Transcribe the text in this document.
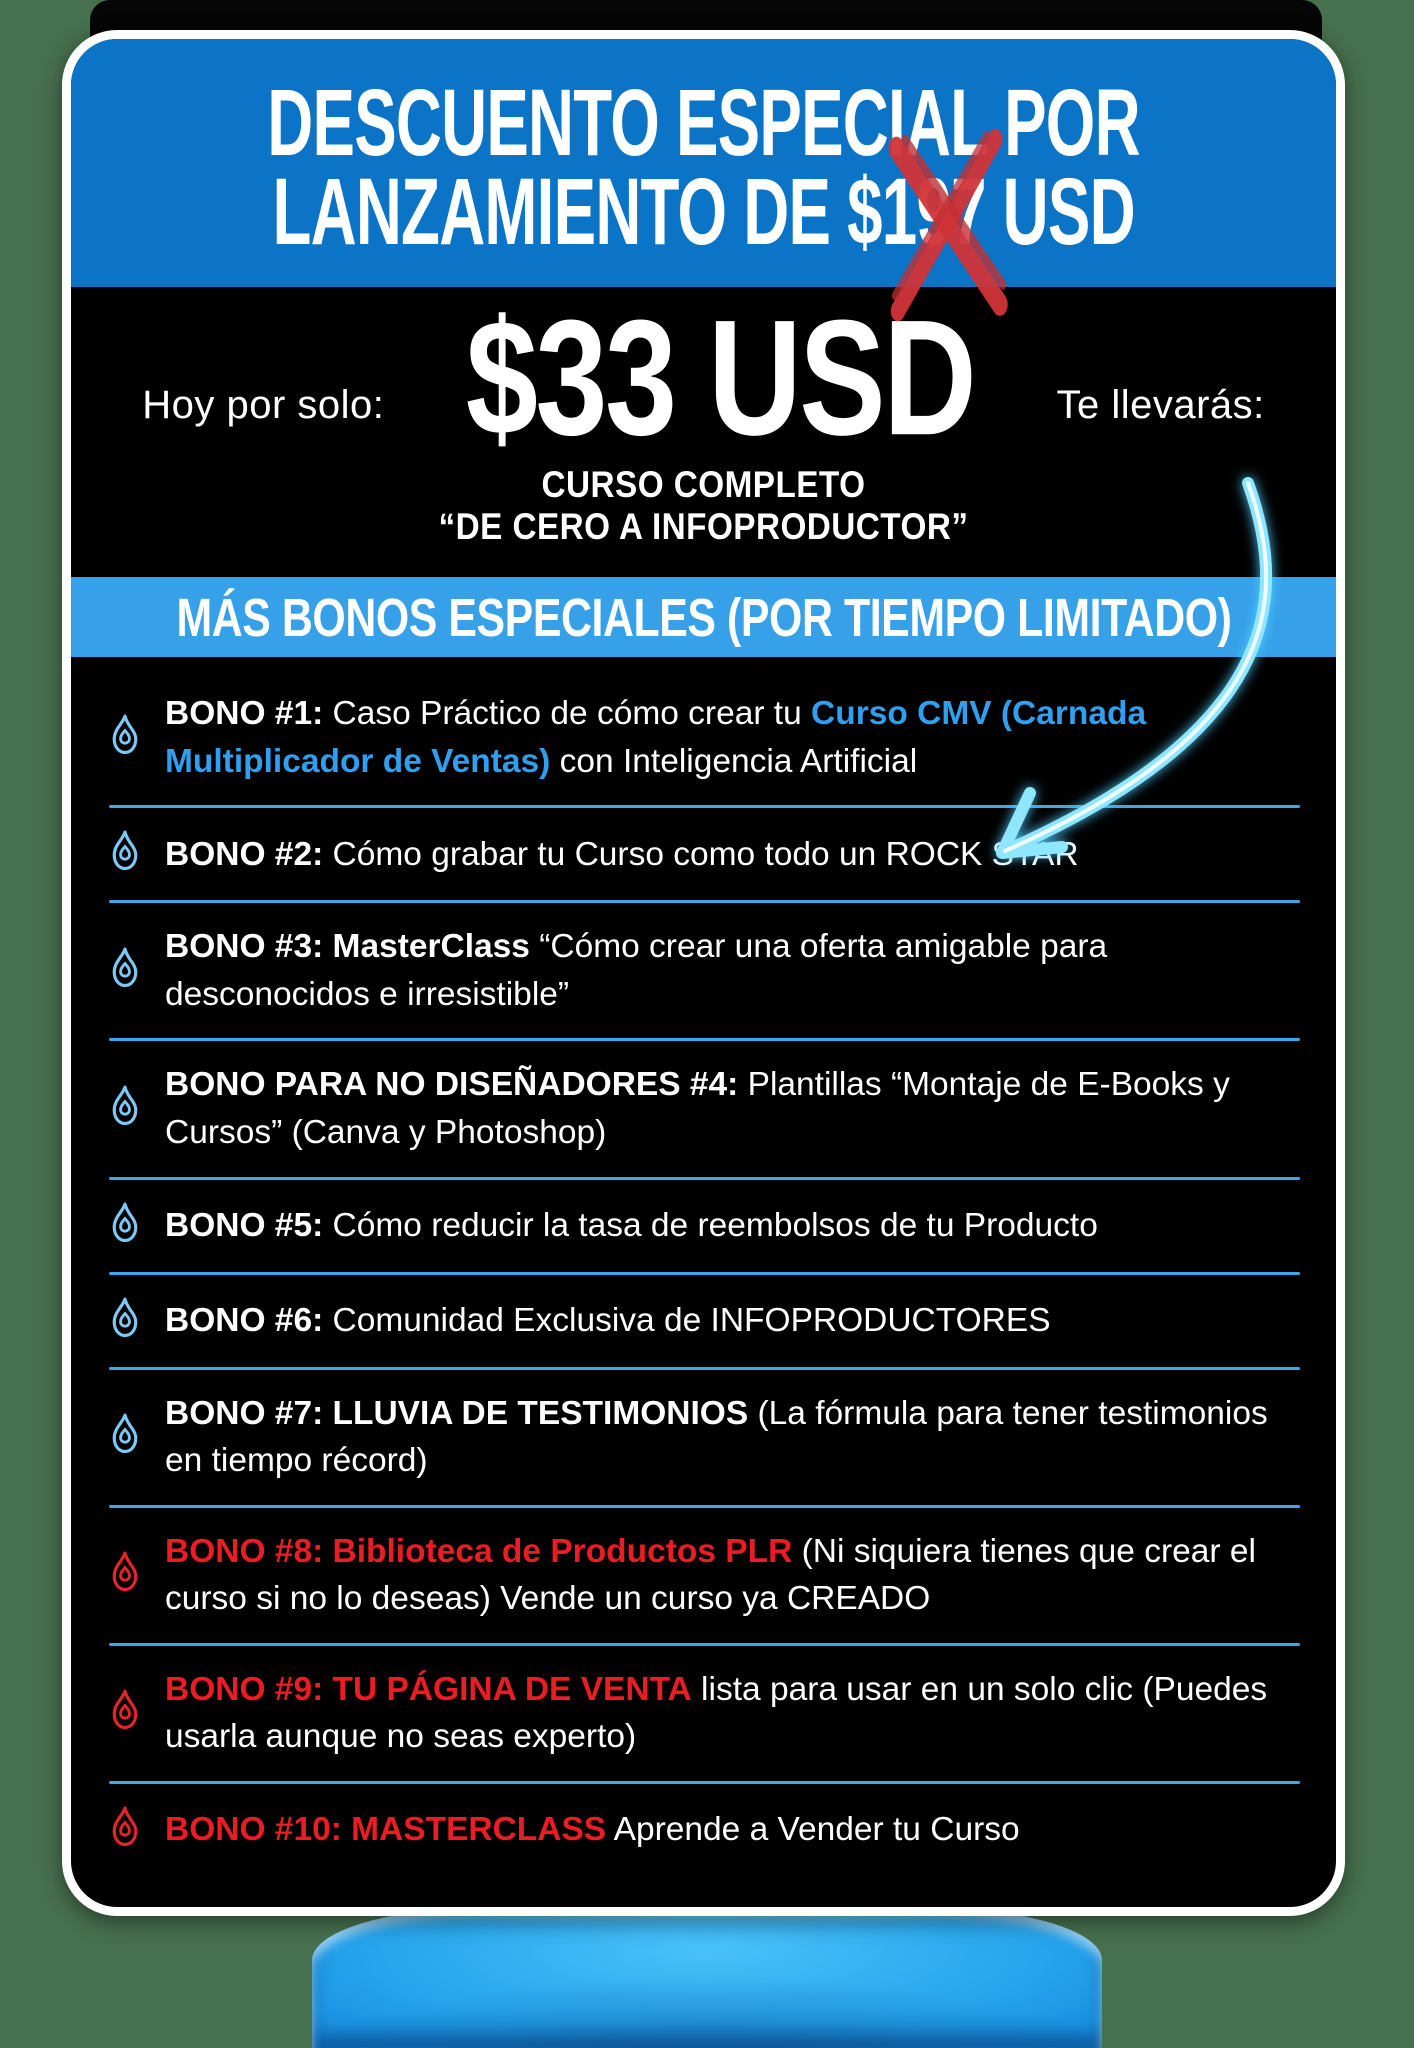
DESCUENTO ESPECIAL POR
LANZAMIENTO DE $197
USD
Hoy por solo: $33 USD Te llevarás:
CURSO COMPLETO
“DE CERO A INFOPRODUCTOR”
MÁS BONOS ESPECIALES (POR TIEMPO LIMITADO)
BONO #1: Caso Práctico de cómo crear tu Curso CMV (Carnada Multiplicador de Ventas) con Inteligencia Artificial
BONO #2: Cómo grabar tu Curso como todo un ROCK STAR
BONO #3: MasterClass “Cómo crear una oferta amigable para desconocidos e irresistible”
BONO PARA NO DISEÑADORES #4: Plantillas “Montaje de E-Books y Cursos” (Canva y Photoshop)
BONO #5: Cómo reducir la tasa de reembolsos de tu Producto
BONO #6: Comunidad Exclusiva de INFOPRODUCTORES
BONO #7: LLUVIA DE TESTIMONIOS (La fórmula para tener testimonios en tiempo récord)
BONO #8: Biblioteca de Productos PLR (Ni siquiera tienes que crear el curso si no lo deseas) Vende un curso ya CREADO
BONO #9: TU PÁGINA DE VENTA lista para usar en un solo clic (Puedes usarla aunque no seas experto)
BONO #10: MASTERCLASS Aprende a Vender tu Curso
